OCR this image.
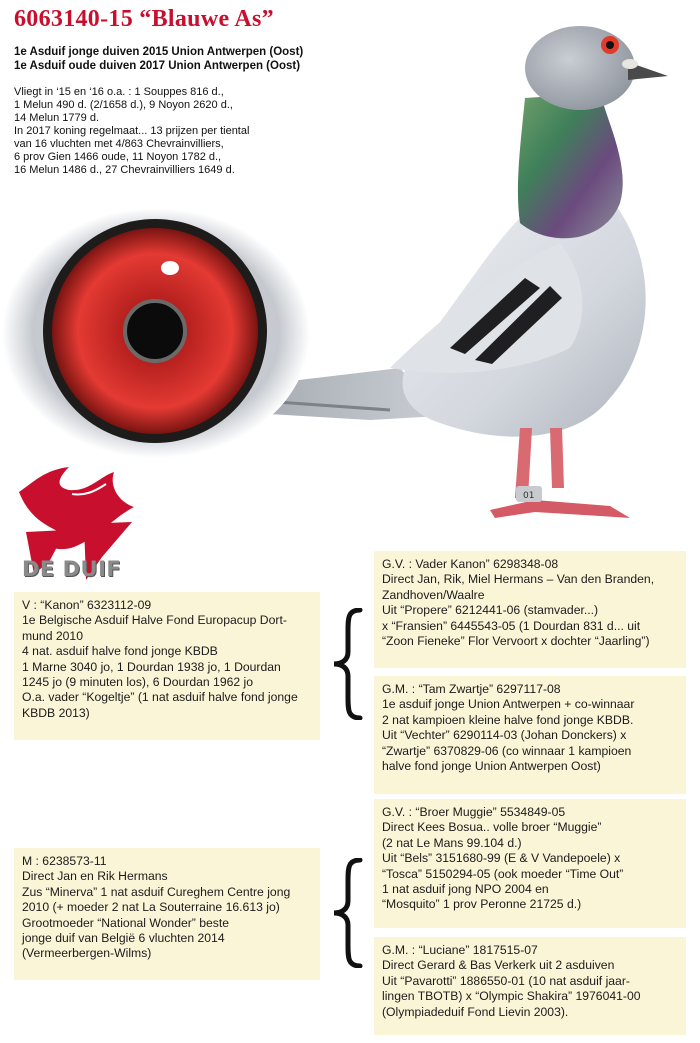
6063140-15 “Blauwe As”
1e Asduif jonge duiven 2015 Union Antwerpen (Oost)
1e Asduif oude duiven 2017 Union Antwerpen (Oost)
Vliegt in ‘15 en ‘16 o.a. : 1 Souppes 816 d.,
1 Melun 490 d. (2/1658 d.), 9 Noyon 2620 d.,
14 Melun 1779 d.
In 2017 koning regelmaat... 13 prijzen per tiental
van 16 vluchten met 4/863 Chevrainvilliers,
6 prov Gien 1466 oude, 11 Noyon 1782 d.,
16 Melun 1486 d., 27 Chevrainvilliers 1649 d.
01
DE DUIF
V : “Kanon” 6323112-09
1e Belgische Asduif Halve Fond Europacup Dort-
mund 2010
4 nat. asduif halve fond jonge KBDB
1 Marne 3040 jo, 1 Dourdan 1938 jo, 1 Dourdan
1245 jo (9 minuten los), 6 Dourdan 1962 jo
O.a. vader “Kogeltje” (1 nat asduif halve fond jonge
KBDB 2013)
G.V. : Vader Kanon” 6298348-08
Direct Jan, Rik, Miel Hermans – Van den Branden,
Zandhoven/Waalre
Uit “Propere” 6212441-06 (stamvader...)
x “Fransien” 6445543-05 (1 Dourdan 831 d... uit
“Zoon Fieneke” Flor Vervoort x dochter “Jaarling”)
G.M. : “Tam Zwartje” 6297117-08
1e asduif jonge Union Antwerpen + co-winnaar
2 nat kampioen kleine halve fond jonge KBDB.
Uit “Vechter” 6290114-03 (Johan Donckers) x
“Zwartje” 6370829-06 (co winnaar 1 kampioen
halve fond jonge Union Antwerpen Oost)
M : 6238573-11
Direct Jan en Rik Hermans
Zus “Minerva” 1 nat asduif Cureghem Centre jong
2010 (+ moeder 2 nat La Souterraine 16.613 jo)
Grootmoeder “National Wonder” beste
jonge duif van België 6 vluchten 2014
(Vermeerbergen-Wilms)
G.V. : “Broer Muggie” 5534849-05
Direct Kees Bosua.. volle broer “Muggie”
(2 nat Le Mans 99.104 d.)
Uit “Bels” 3151680-99 (E & V Vandepoele) x
“Tosca” 5150294-05 (ook moeder “Time Out”
1 nat asduif jong NPO 2004 en
“Mosquito” 1 prov Peronne 21725 d.)
G.M. : “Luciane” 1817515-07
Direct Gerard & Bas Verkerk uit 2 asduiven
Uit “Pavarotti” 1886550-01 (10 nat asduif jaar-
lingen TBOTB) x “Olympic Shakira” 1976041-00
(Olympiadeduif Fond Lievin 2003).
